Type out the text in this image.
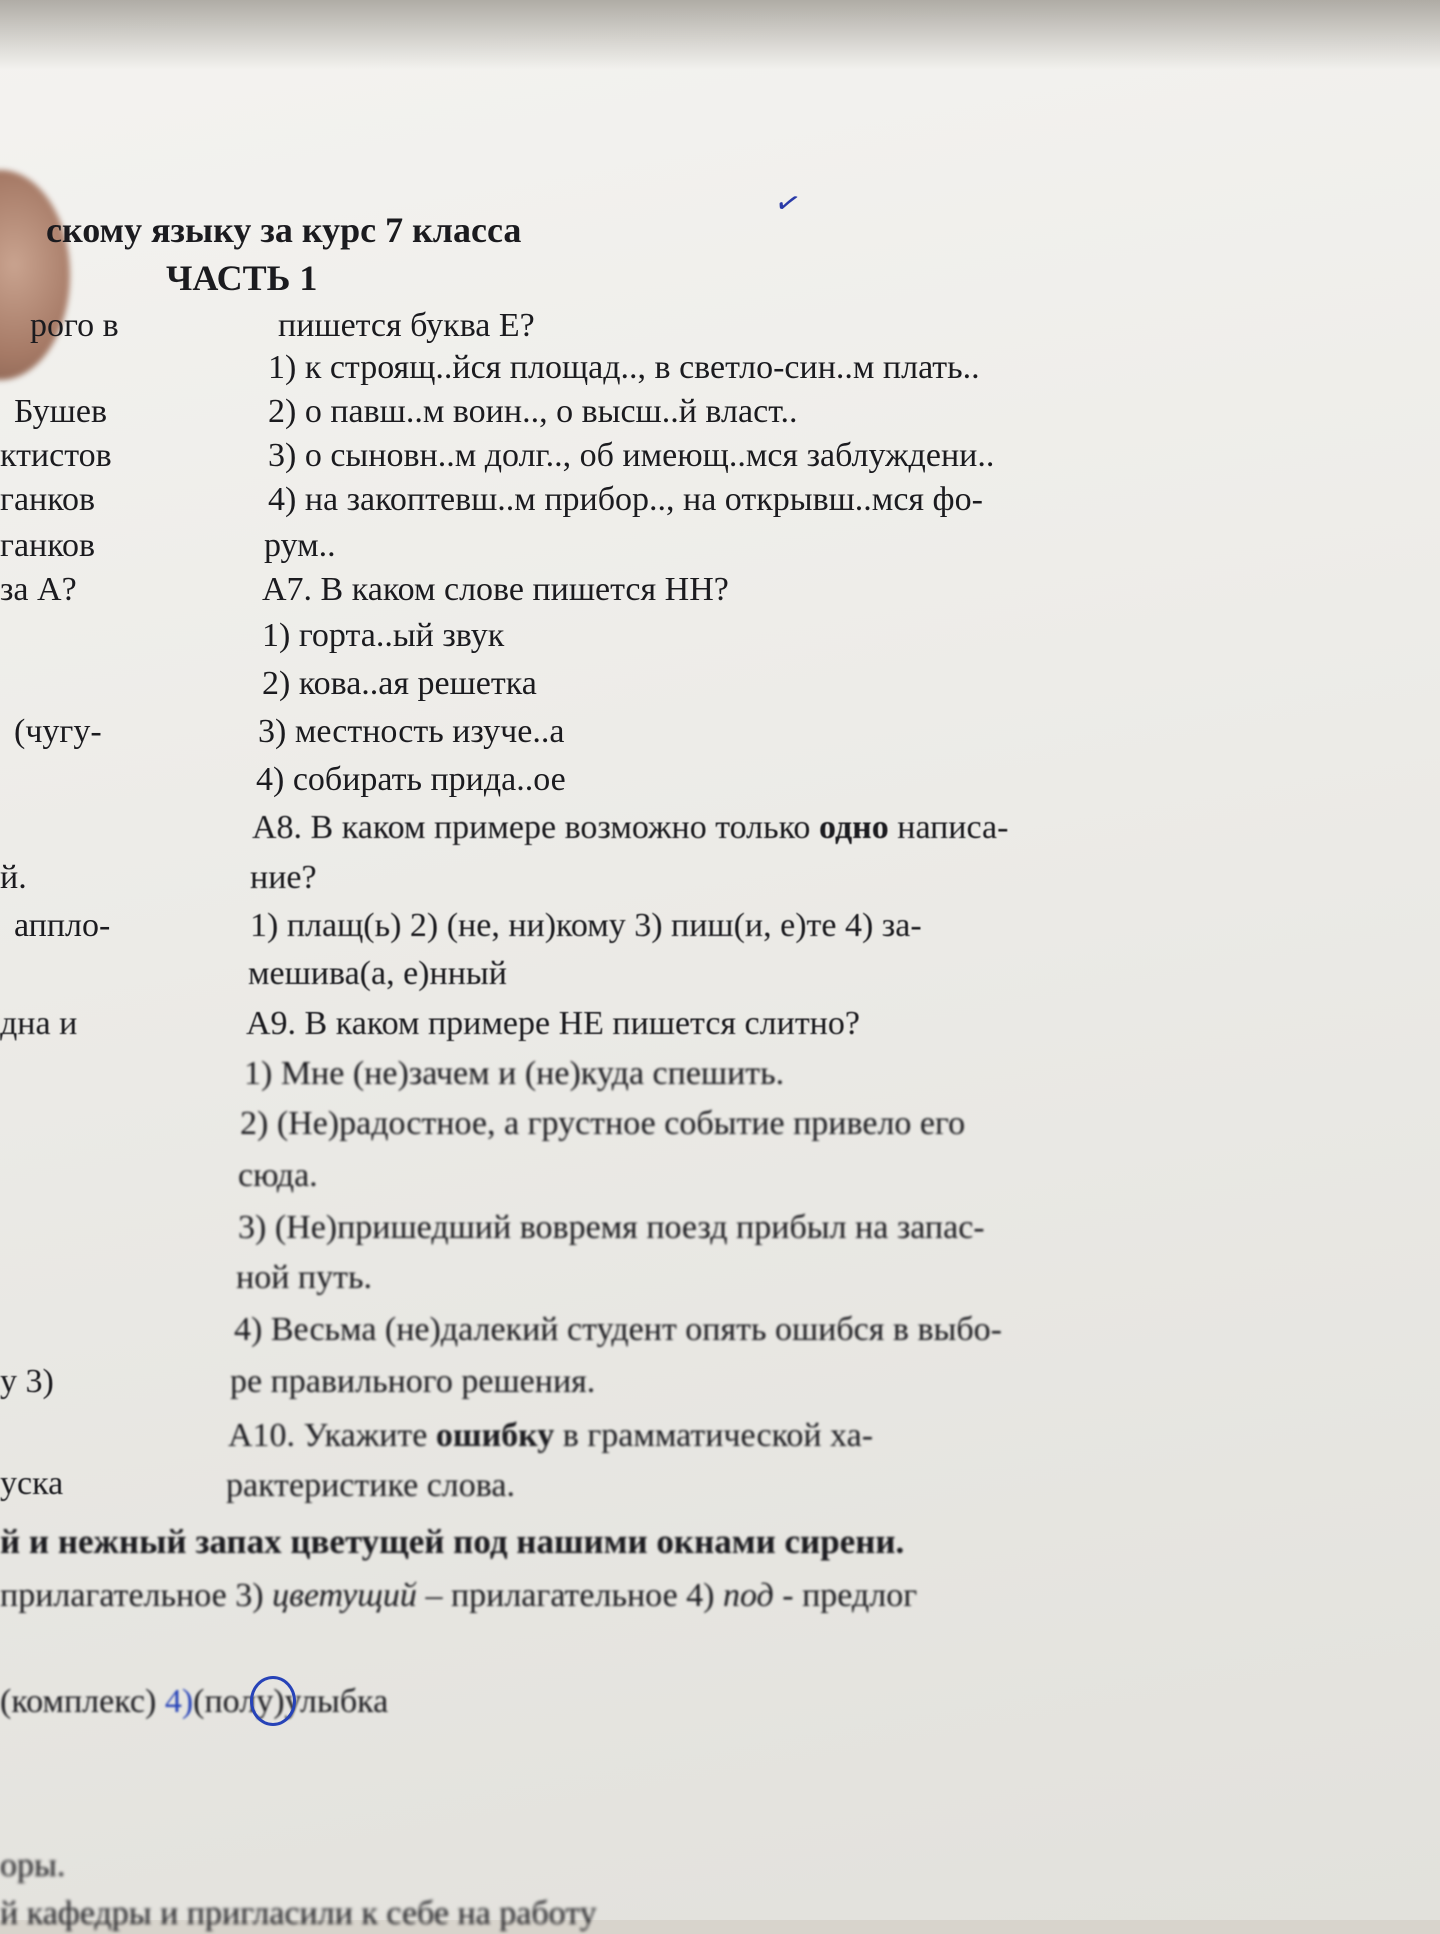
скому языку за курс 7 класса
✓
ЧАСТЬ 1
рого в
Бушев
ктистов
ганков
ганков
за А?
(чугу-
й.
аппло-
дна и
у 3)
уска
пишется буква Е?
1) к строящ..йся площад.., в светло-син..м плать..
2) о павш..м воин.., о высш..й власт..
3) о сыновн..м долг.., об имеющ..мся заблуждени..
4) на закоптевш..м прибор.., на открывш..мся фо-
рум..
А7. В каком слове пишется НН?
1) горта..ый звук
2) кова..ая решетка
3) местность изуче..а
4) собирать прида..ое
А8. В каком примере возможно только одно написа-
ние?
1) плащ(ь) 2) (не, ни)кому 3) пиш(и, е)те 4) за-
мешива(а, е)нный
А9. В каком примере НЕ пишется слитно?
1) Мне (не)зачем и (не)куда спешить.
2) (Не)радостное, а грустное событие привело его
сюда.
3) (Не)пришедший вовремя поезд прибыл на запас-
ной путь.
4) Весьма (не)далекий студент опять ошибся в выбо-
ре правильного решения.
А10. Укажите ошибку в грамматической ха-
рактеристике слова.
й и нежный запах цветущей под нашими окнами сирени.
прилагательное 3) цветущий – прилагательное 4) под - предлог
(комплекс) 4)(полу)улыбка
оры.
й кафедры и пригласили к себе на работу
